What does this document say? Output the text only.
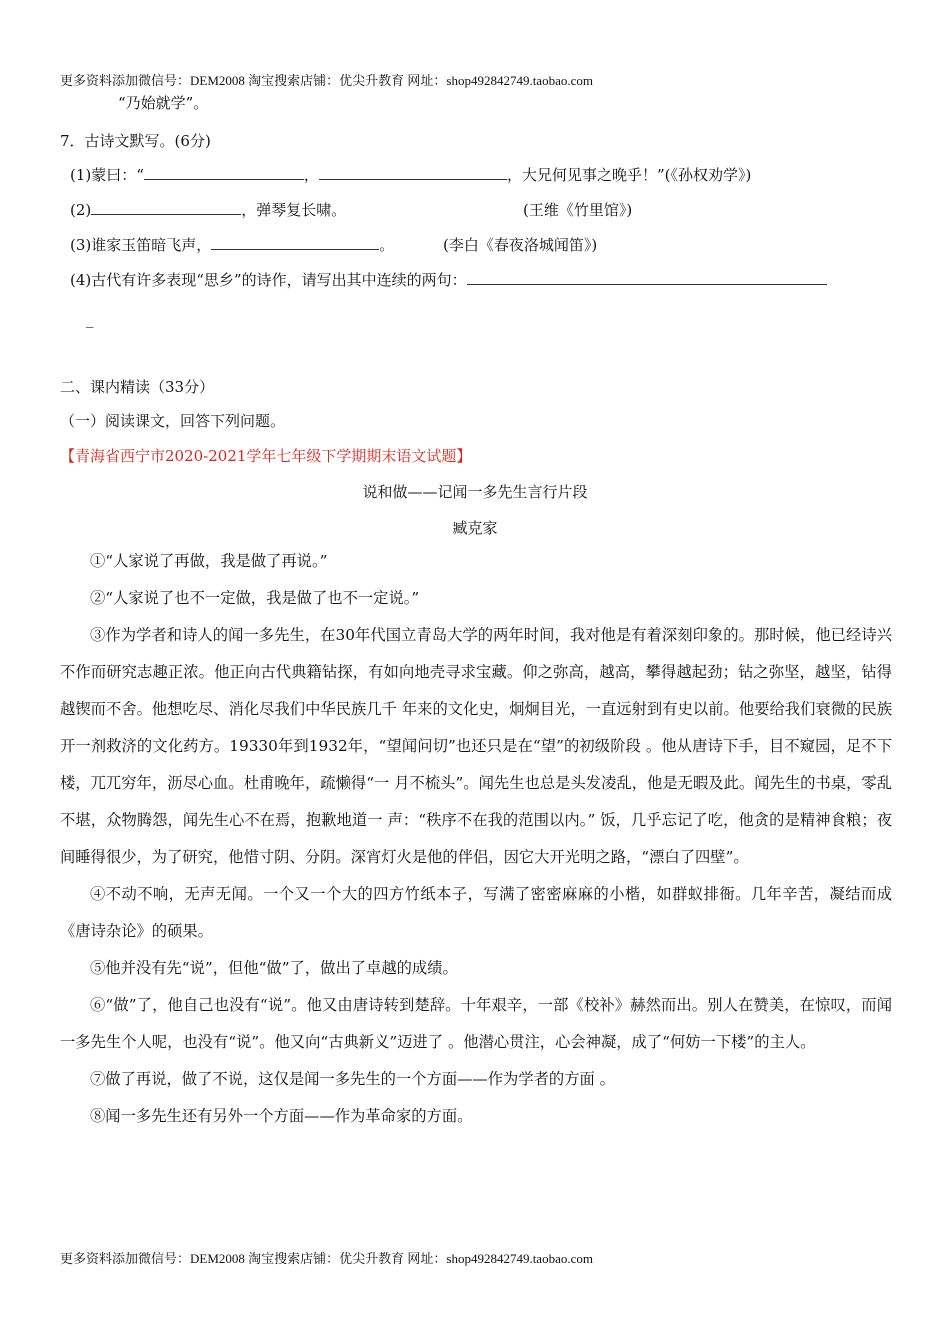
更多资料添加微信号：DEM2008 淘宝搜索店铺：优尖升教育 网址：shop492842749.taobao.com
“乃始就学”。
7．古诗文默写。(6分)
(1)蒙曰：“	，	，大兄何见事之晚乎！”(《孙权劝学》)
(2)	，弹琴复长啸。	(王维《竹里馆》)
(3)谁家玉笛暗飞声，	。	(李白《春夜洛城闻笛》)
(4)古代有许多表现“思乡”的诗作，请写出其中连续的两句：
_
二、课内精读（33分）
（一）阅读课文，回答下列问题。
【青海省西宁市2020-2021学年七年级下学期期末语文试题】
说和做——记闻一多先生言行片段
臧克家

①“人家说了再做，我是做了再说。”

②“人家说了也不一定做，我是做了也不一定说。”

③作为学者和诗人的闻一多先生，在30年代国立青岛大学的两年时间，我对他是有着深刻印象的。那时候，他已经诗兴不作而研究志趣正浓。他正向古代典籍钻探，有如向地壳寻求宝藏。仰之弥高，越高，攀得越起劲；钻之弥坚，越坚，钻得越锲而不舍。他想吃尽、消化尽我们中华民族几千 年来的文化史，炯炯目光，一直远射到有史以前。他要给我们衰微的民族开一剂救济的文化药方。19330年到1932年，“望闻问切”也还只是在“望”的初级阶段 。他从唐诗下手，目不窥园，足不下楼，兀兀穷年，沥尽心血。杜甫晚年，疏懒得“一 月不梳头”。闻先生也总是头发凌乱，他是无暇及此。闻先生的书桌，零乱不堪，众物腾怨，闻先生心不在焉，抱歉地道一 声：“秩序不在我的范围以内。” 饭，几乎忘记了吃，他贪的是精神食粮；夜间睡得很少，为了研究，他惜寸阴、分阴。深宵灯火是他的伴侣，因它大开光明之路，“漂白了四壁”。

④不动不响，无声无闻。一个又一个大的四方竹纸本子，写满了密密麻麻的小楷，如群蚁排衙。几年辛苦，凝结而成《唐诗杂论》的硕果。

⑤他并没有先“说”，但他“做”了，做出了卓越的成绩。

⑥“做”了，他自己也没有“说”。他又由唐诗转到楚辞。十年艰辛，一部《校补》赫然而出。别人在赞美，在惊叹，而闻一多先生个人呢，也没有“说”。他又向“古典新义”迈进了 。他潜心贯注，心会神凝，成了“何妨一下楼”的主人。

⑦做了再说，做了不说，这仅是闻一多先生的一个方面——作为学者的方面 。

⑧闻一多先生还有另外一个方面——作为革命家的方面。

更多资料添加微信号：DEM2008 淘宝搜索店铺：优尖升教育 网址：shop492842749.taobao.com
